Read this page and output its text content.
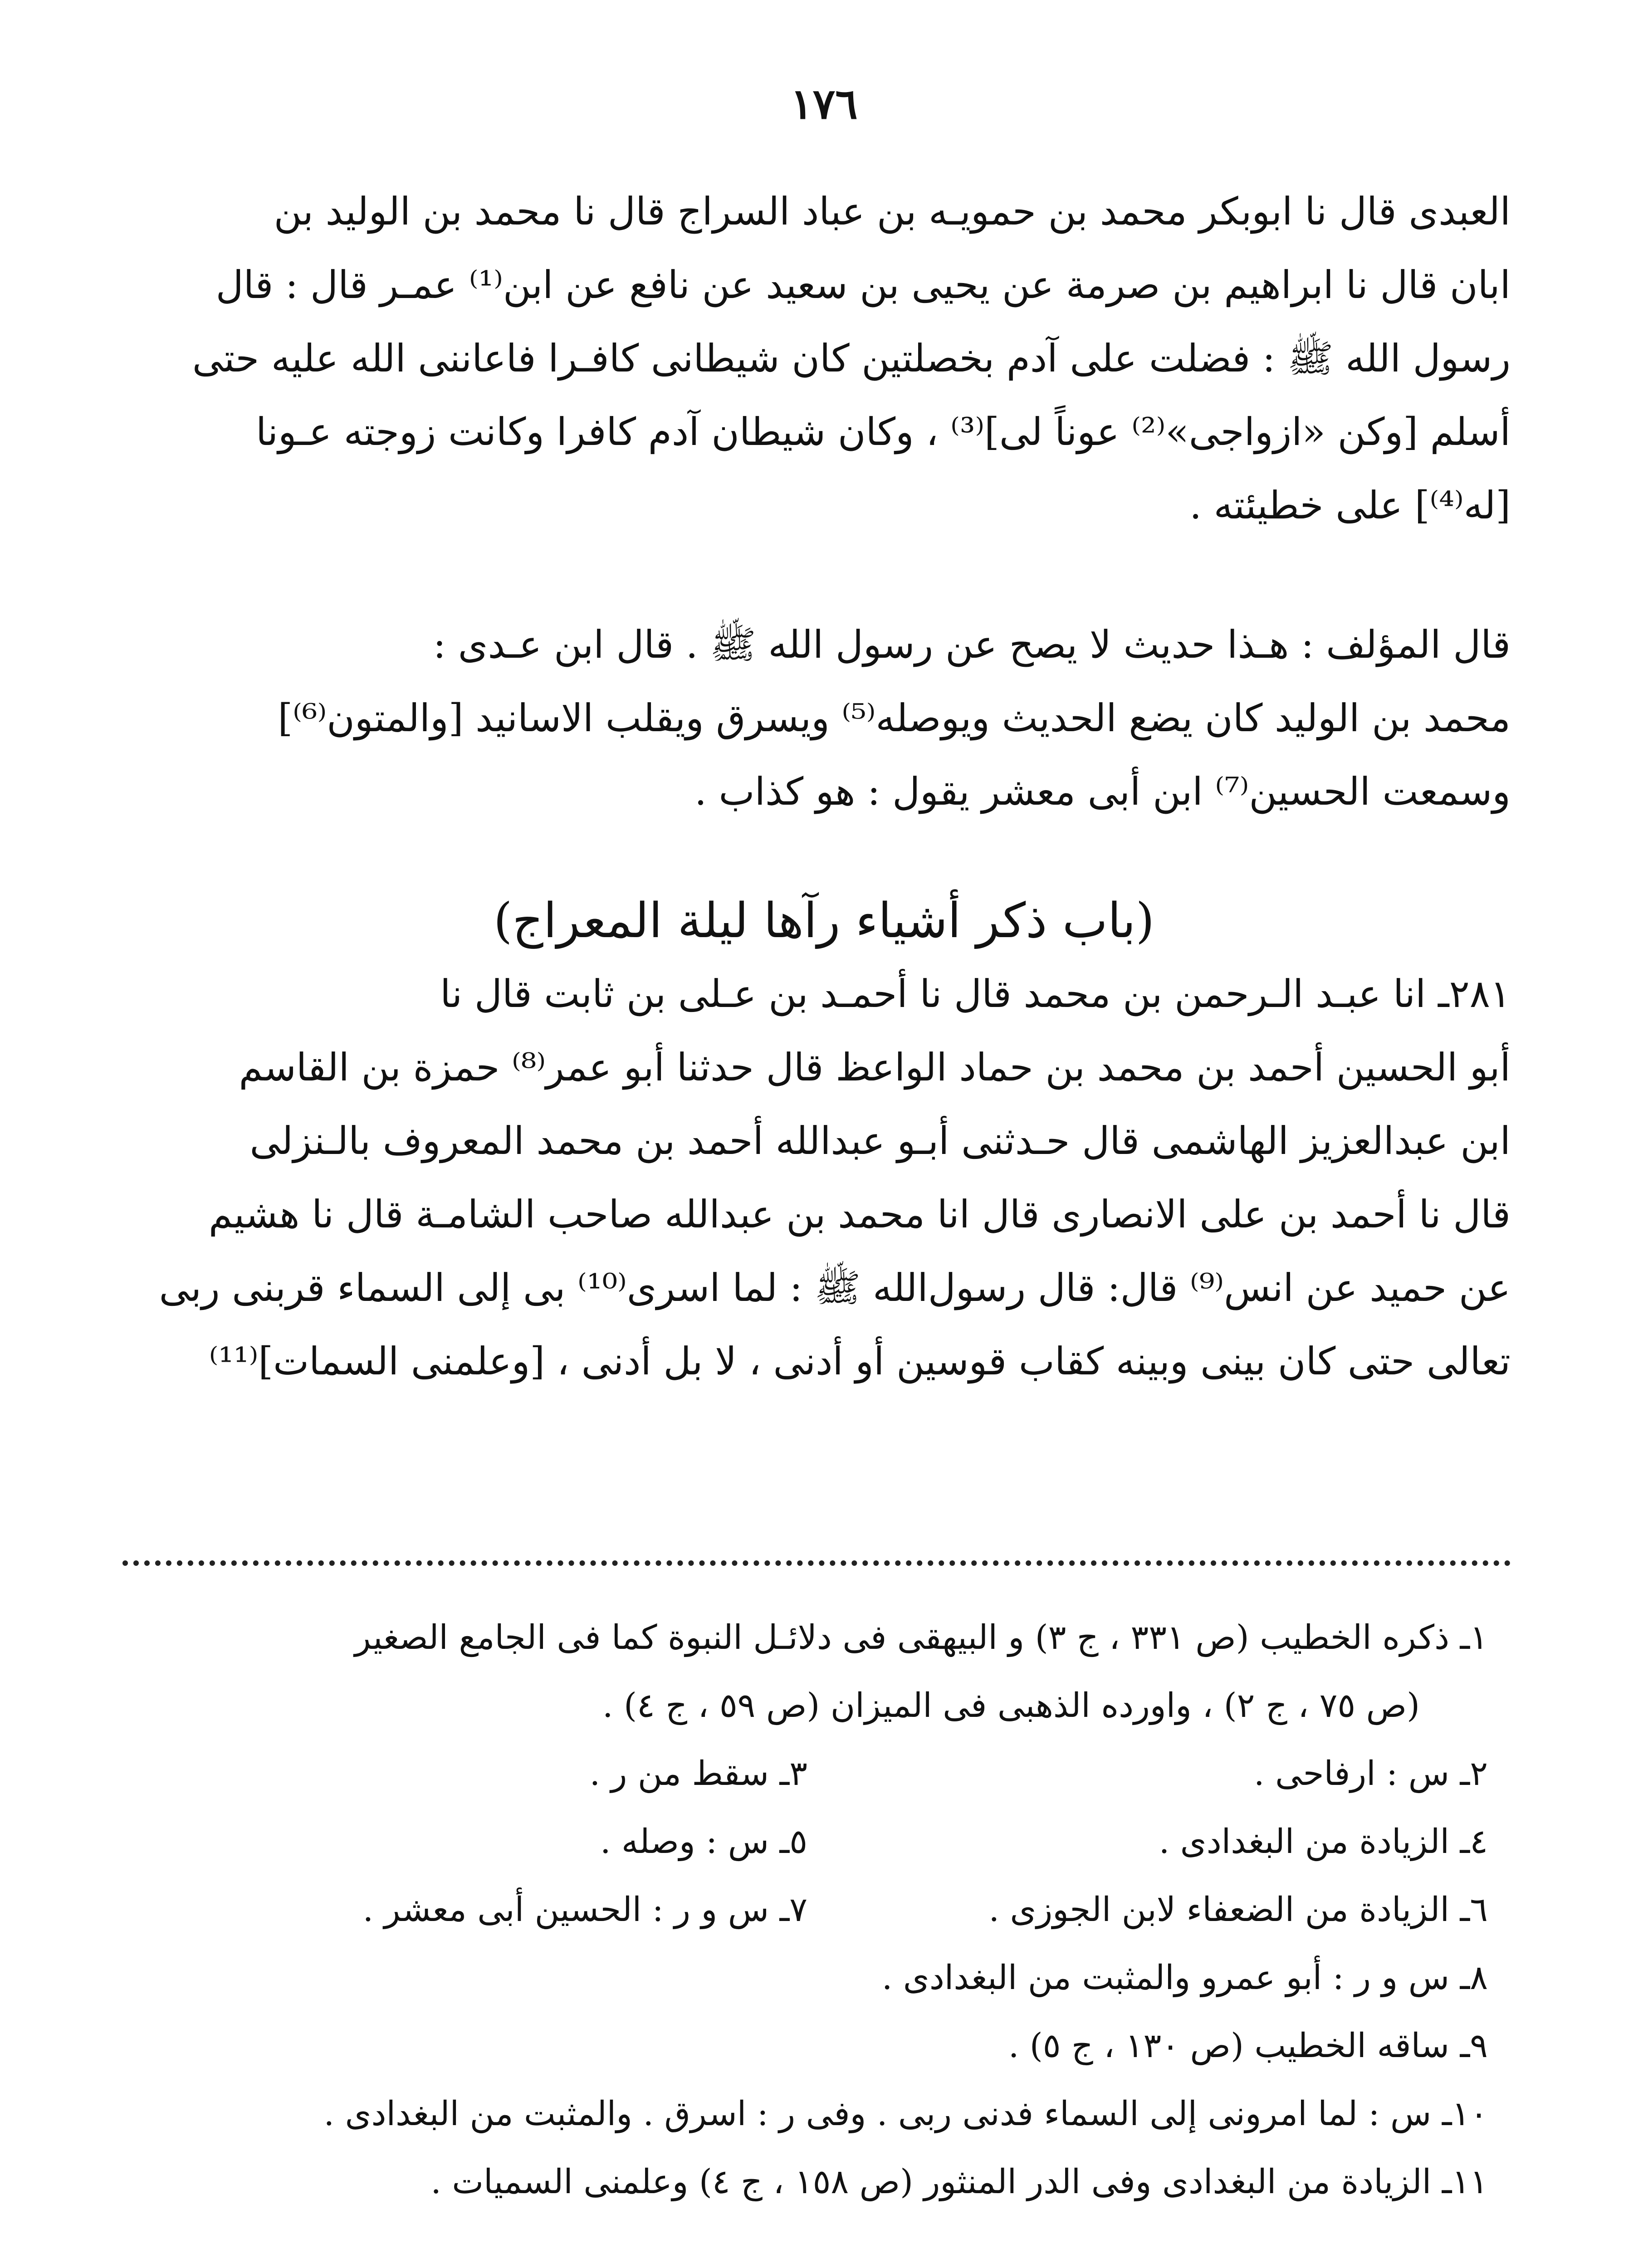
١٧٦

العبدى قال نا ابوبكر محمد بن حمويـه بن عباد السراج قال نا محمد بن الوليد بن

ابان قال نا ابراهيم بن صرمة عن يحيى بن سعيد عن نافع عن ابن⁽¹⁾ عمـر قال : قال

رسول الله ﷺ : فضلت على آدم بخصلتين كان شيطانى كافـرا فاعاننى الله عليه حتى

أسلم [وكن «ازواجى»⁽²⁾ عوناً لى]⁽³⁾ ، وكان شيطان آدم كافرا وكانت زوجته عـونا

[له⁽⁴⁾] على خطيئته .

قال المؤلف : هـذا حديث لا يصح عن رسول الله ﷺ . قال ابن عـدى :

محمد بن الوليد كان يضع الحديث ويوصله⁽⁵⁾ ويسرق ويقلب الاسانيد [والمتون⁽⁶⁾]

وسمعت الحسين⁽⁷⁾ ابن أبى معشر يقول : هو كذاب .

(باب ذكر أشياء رآها ليلة المعراج)

٢٨١ـ انا عبـد الـرحمن بن محمد قال نا أحمـد بن عـلى بن ثابت قال نا

أبو الحسين أحمد بن محمد بن حماد الواعظ قال حدثنا أبو عمر⁽⁸⁾ حمزة بن القاسم

ابن عبدالعزيز الهاشمى قال حـدثنى أبـو عبدالله أحمد بن محمد المعروف بالـنزلى

قال نا أحمد بن على الانصارى قال انا محمد بن عبدالله صاحب الشامـة قال نا هشيم

عن حميد عن انس⁽⁹⁾ قال: قال رسول‌الله ﷺ : لما اسرى⁽¹⁰⁾ بى إلى السماء قربنى ربى

تعالى حتى كان بينى وبينه كقاب قوسين أو أدنى ، لا بل أدنى ، [وعلمنى السمات]⁽¹¹⁾

١ـ ذكره الخطيب (ص ٣٣١ ، ج ٣) و البيهقى فى دلائـل النبوة كما فى الجامع الصغير

(ص ٧٥ ، ج ٢) ، واورده الذهبى فى الميزان (ص ٥٩ ، ج ٤) .

٢ـ س : ارفاحى .
٣ـ سقط من ر .

٤ـ الزيادة من البغدادى .
٥ـ س : وصله .

٦ـ الزيادة من الضعفاء لابن الجوزى .
٧ـ س و ر : الحسين أبى معشر .

٨ـ س و ر : أبو عمرو والمثبت من البغدادى .

٩ـ ساقه الخطيب (ص ١٣٠ ، ج ٥) .

١٠ـ س : لما امرونى إلى السماء فدنى ربى . وفى ر : اسرق . والمثبت من البغدادى .

١١ـ الزيادة من البغدادى وفى الدر المنثور (ص ١٥٨ ، ج ٤) وعلمنى السميات .
